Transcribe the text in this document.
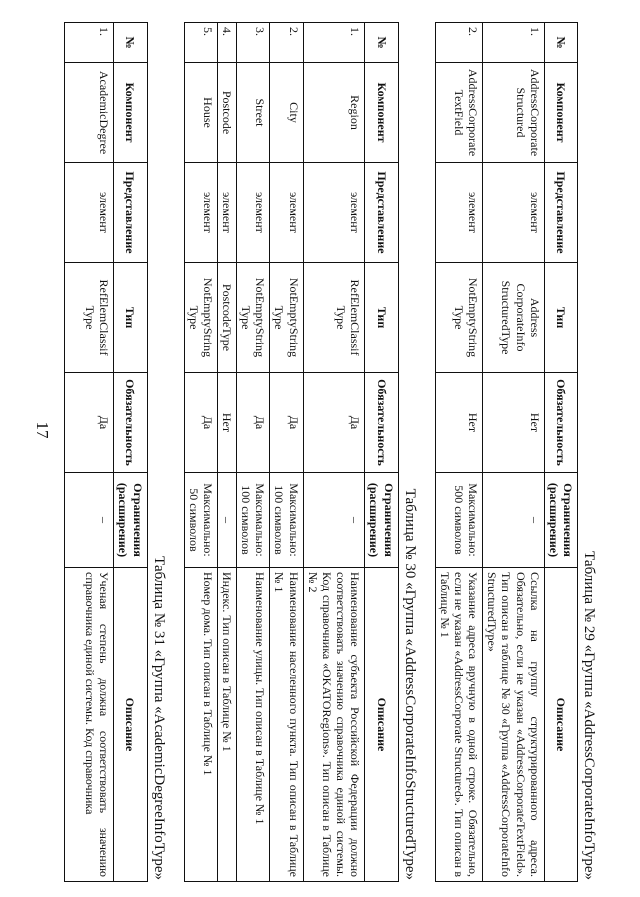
17
Таблица № 29 «Группа «AddressCorporateInfoType»
№	Компонент	Представление	Тип	Обязательность	Ограничения (расширение)	Описание
1.	AddressCorporate Structured	элемент	Address CorporateInfo StructuredType	Нет	–	Ссылка на группу структурированного адреса. Обязательно, если не указан «AddressCorporateTextField». Тип описан в таблице № 30 «Группа «AddressCorporateInfo StructuredType»
2.	AddressCorporate TextField	элемент	NotEmptyString Type	Нет	Максимально: 500 символов	Указание адреса вручную в одной строке. Обязательно, если не указан «AddressCorporate Structured». Тип описан в Таблице № 1
Таблица № 30 «Группа «AddressCorporateInfoStructuredType»
№	Компонент	Представление	Тип	Обязательность	Ограничения (расширение)	Описание
1.	Region	элемент	RefElemClassif Type	Да	–	Наименование субъекта Российской Федерации должно соответствовать значению справочника единой системы. Код справочника «OKATORegions». Тип описан в Таблице № 2
2.	City	элемент	NotEmptyString Type	Да	Максимально: 100 символов	Наименование населенного пункта. Тип описан в Таблице № 1
3.	Street	элемент	NotEmptyString Type	Да	Максимально: 100 символов	Наименование улицы. Тип описан в Таблице № 1
4.	Postcode	элемент	PostcodeType	Нет	–	Индекс. Тип описан в Таблице № 1
5.	House	элемент	NotEmptyString Type	Да	Максимально: 50 символов	Номер дома. Тип описан в Таблице № 1
Таблица № 31 «Группа «AcademicDegreeInfoType»
№	Компонент	Представление	Тип	Обязательность	Ограничения (расширение)	Описание
1.	AcademicDegree	элемент	RefElemClassif Type	Да	–	Ученая степень должна соответствовать значению справочника единой системы. Код справочника
